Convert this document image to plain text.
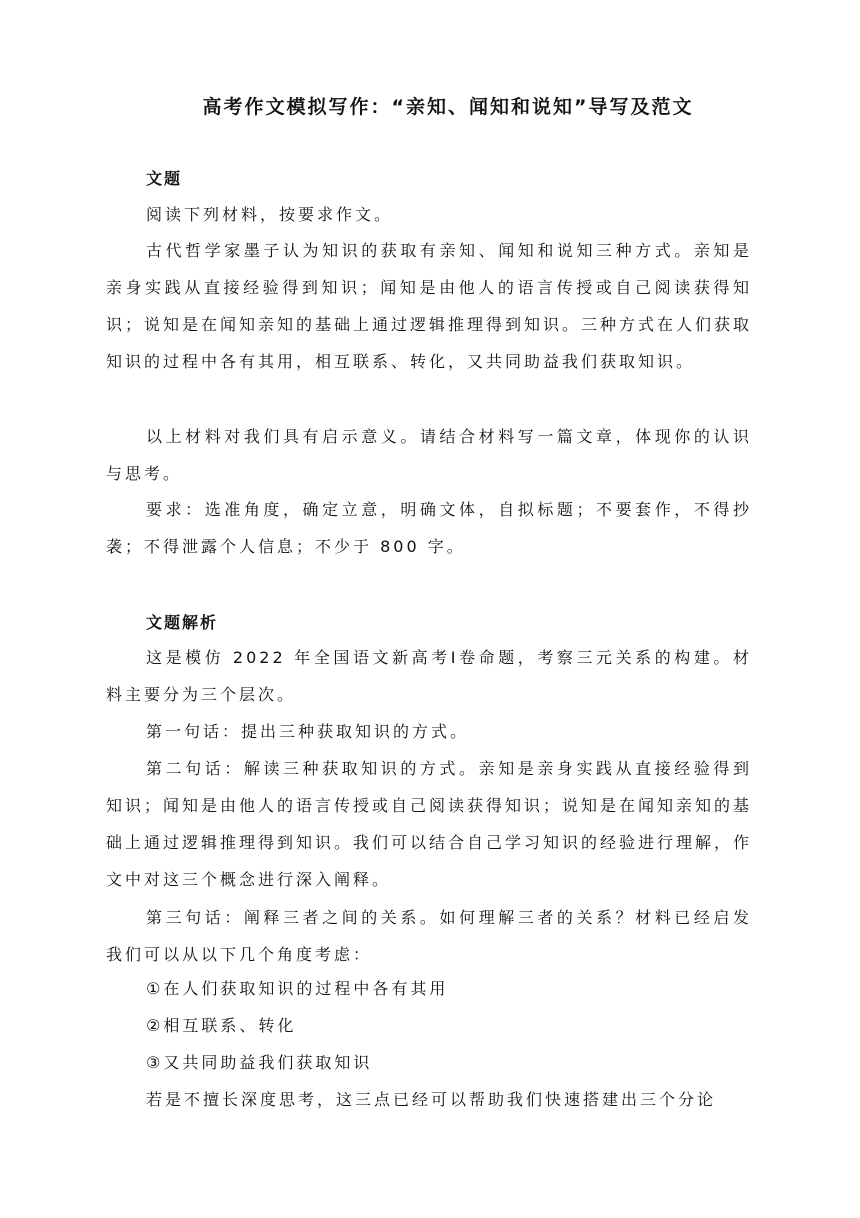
高考作文模拟写作：“亲知、闻知和说知”导写及范文
文题

阅读下列材料，按要求作文。

古代哲学家墨子认为知识的获取有亲知、闻知和说知三种方式。亲知是亲身实践从直接经验得到知识；闻知是由他人的语言传授或自己阅读获得知识；说知是在闻知亲知的基础上通过逻辑推理得到知识。三种方式在人们获取知识的过程中各有其用，相互联系、转化，又共同助益我们获取知识。

以上材料对我们具有启示意义。请结合材料写一篇文章，体现你的认识与思考。

要求：选准角度，确定立意，明确文体，自拟标题；不要套作，不得抄袭；不得泄露个人信息；不少于 800 字。

文题解析

这是模仿 2022 年全国语文新高考Ⅰ卷命题，考察三元关系的构建。材料主要分为三个层次。

第一句话：提出三种获取知识的方式。

第二句话：解读三种获取知识的方式。亲知是亲身实践从直接经验得到知识；闻知是由他人的语言传授或自己阅读获得知识；说知是在闻知亲知的基础上通过逻辑推理得到知识。我们可以结合自己学习知识的经验进行理解，作文中对这三个概念进行深入阐释。

第三句话：阐释三者之间的关系。如何理解三者的关系？材料已经启发我们可以从以下几个角度考虑：

①在人们获取知识的过程中各有其用

②相互联系、转化

③又共同助益我们获取知识

若是不擅长深度思考，这三点已经可以帮助我们快速搭建出三个分论
